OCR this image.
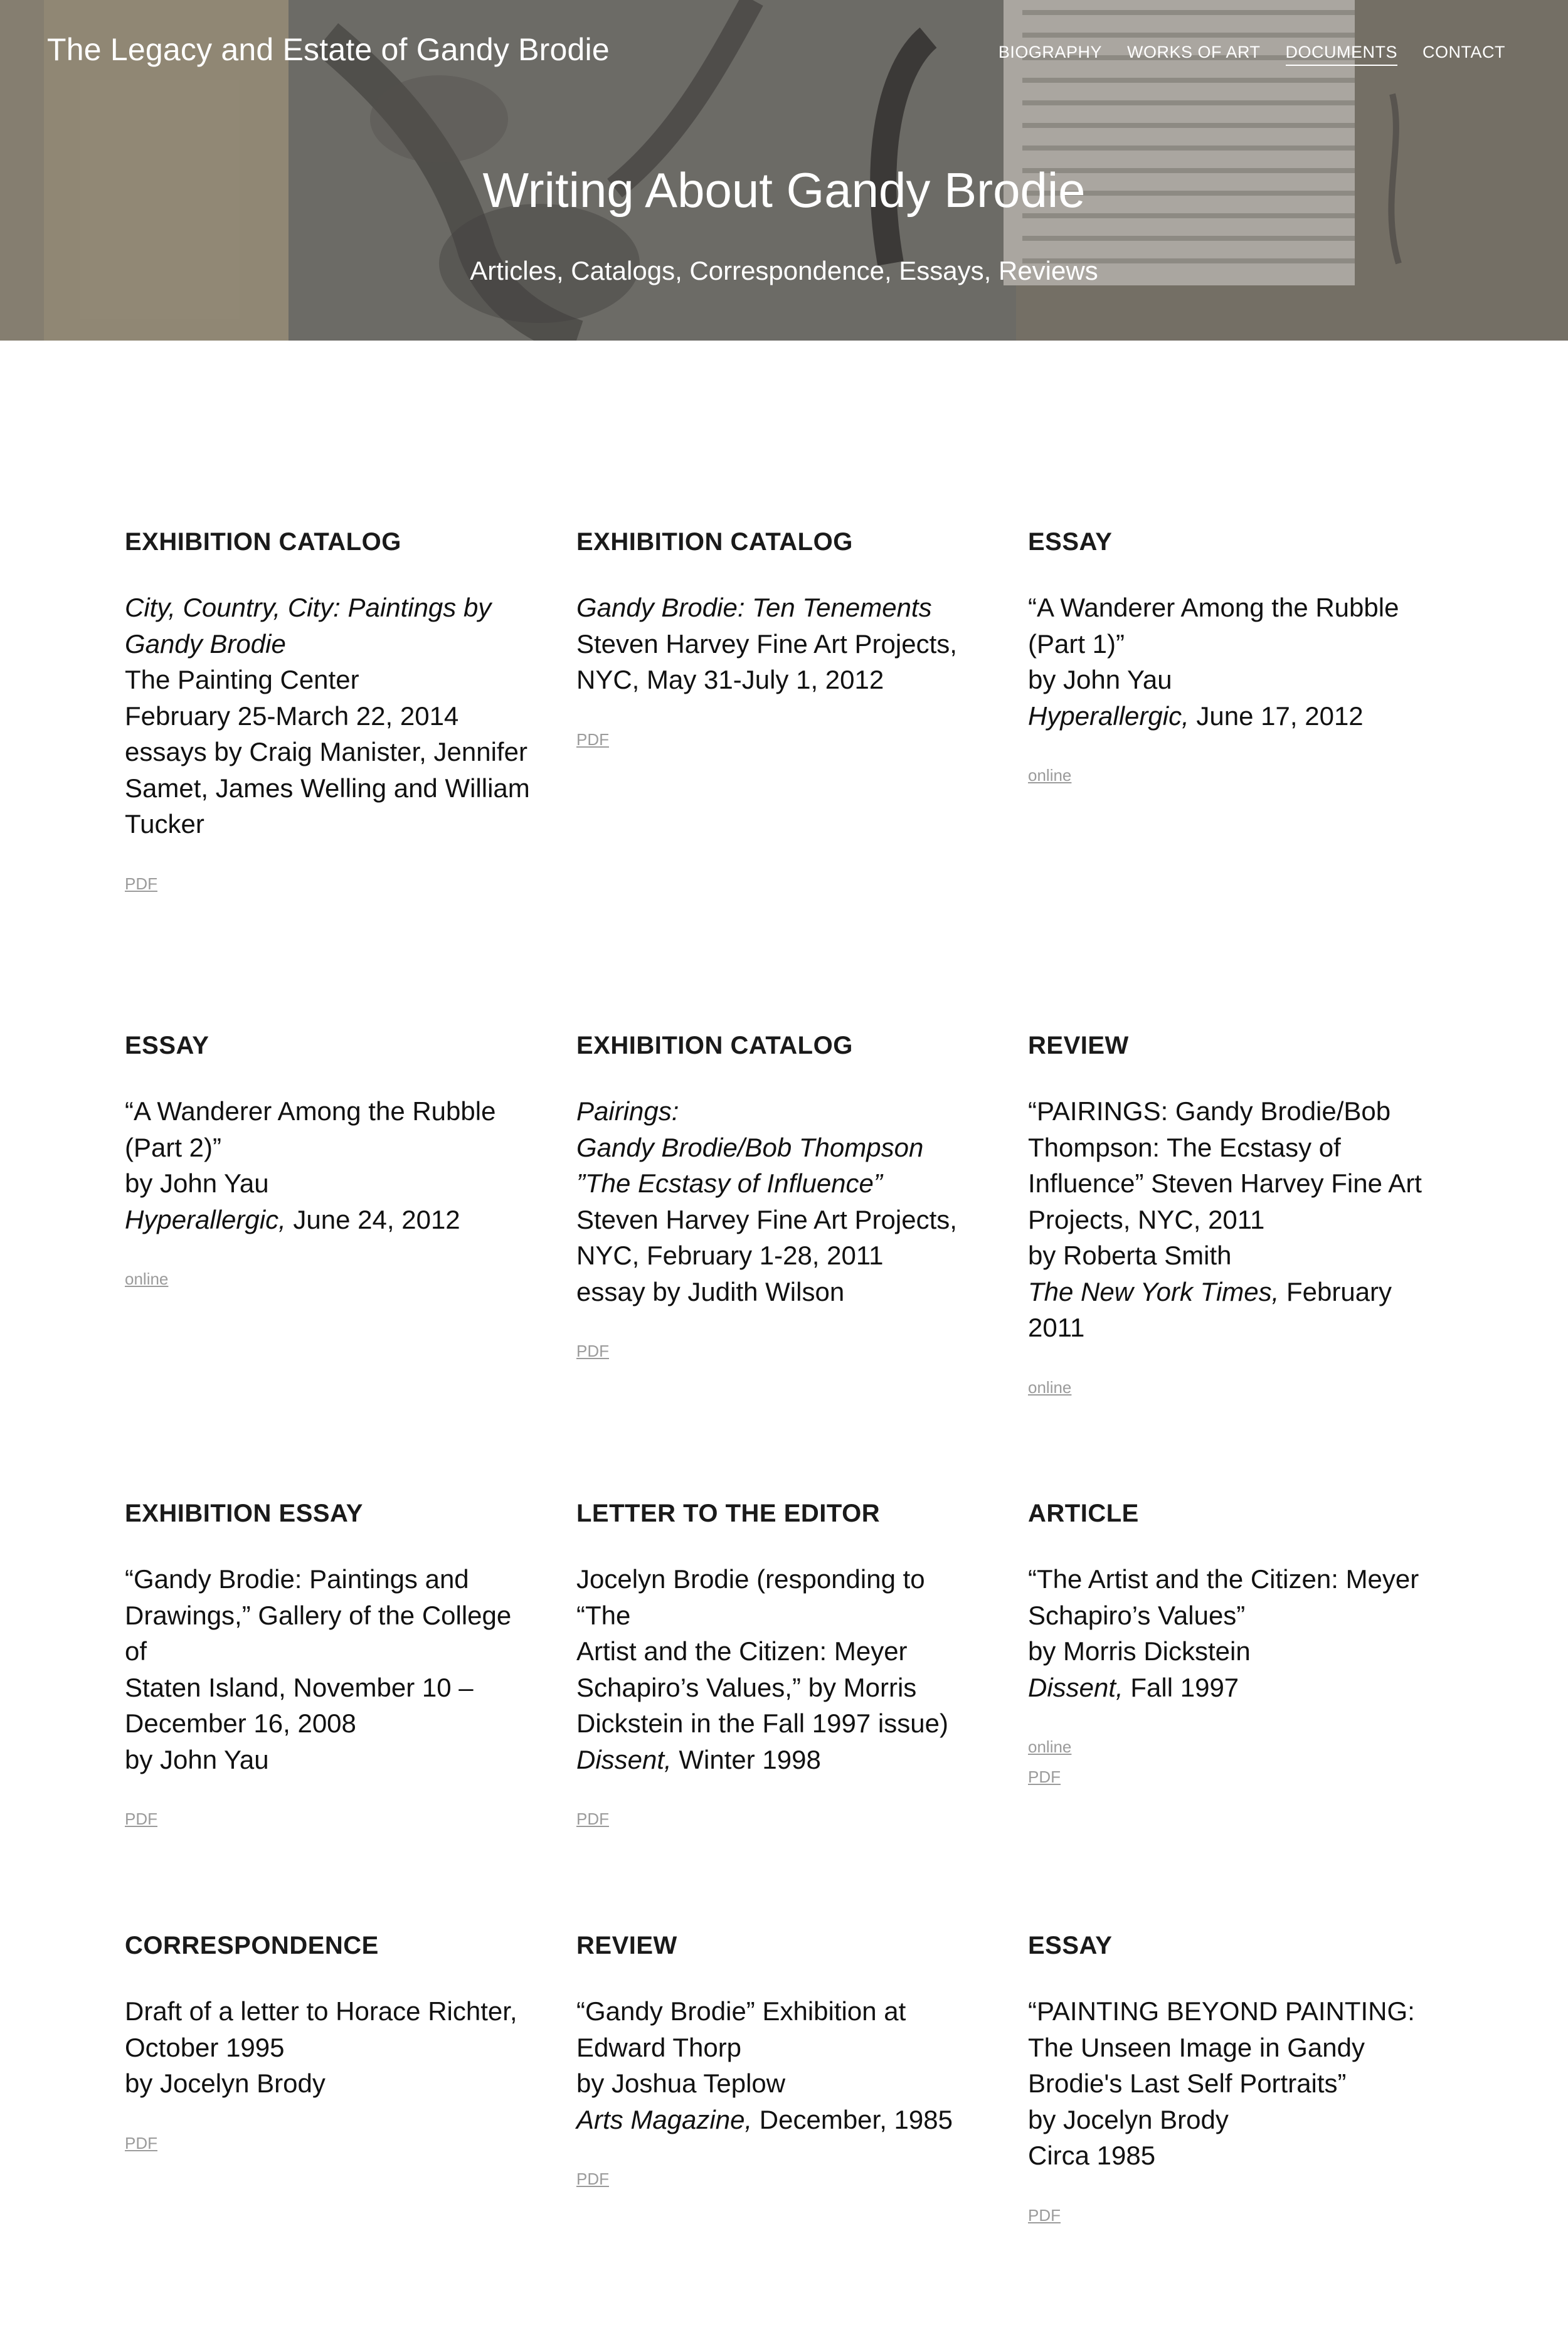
The Legacy and Estate of Gandy Brodie	BIOGRAPHY WORKS OF ART DOCUMENTS CONTACT
Writing About Gandy Brodie

Articles, Catalogs, Correspondence, Essays, Reviews

EXHIBITION CATALOG

City, Country, City: Paintings by
Gandy Brodie
The Painting Center
February 25-March 22, 2014
essays by Craig Manister, Jennifer
Samet, James Welling and William
Tucker

PDF
EXHIBITION CATALOG

Gandy Brodie: Ten Tenements
Steven Harvey Fine Art Projects,
NYC, May 31-July 1, 2012

PDF
ESSAY

“A Wanderer Among the Rubble
(Part 1)”
by John Yau
Hyperallergic, June 17, 2012

online
ESSAY

“A Wanderer Among the Rubble
(Part 2)”
by John Yau
Hyperallergic, June 24, 2012

online
EXHIBITION CATALOG

Pairings:
Gandy Brodie/Bob Thompson
”The Ecstasy of Influence”
Steven Harvey Fine Art Projects,
NYC, February 1-28, 2011
essay by Judith Wilson

PDF
REVIEW

“PAIRINGS: Gandy Brodie/Bob
Thompson: The Ecstasy of
Influence” Steven Harvey Fine Art
Projects, NYC, 2011
by Roberta Smith
The New York Times, February 2011

online
EXHIBITION ESSAY

“Gandy Brodie: Paintings and
Drawings,” Gallery of the College of
Staten Island, November 10 –
December 16, 2008
by John Yau

PDF
LETTER TO THE EDITOR

Jocelyn Brodie (responding to “The
Artist and the Citizen: Meyer
Schapiro’s Values,” by Morris
Dickstein in the Fall 1997 issue)
Dissent, Winter 1998

PDF
ARTICLE

“The Artist and the Citizen: Meyer
Schapiro’s Values”
by Morris Dickstein
Dissent, Fall 1997

online
PDF
CORRESPONDENCE

Draft of a letter to Horace Richter,
October 1995
by Jocelyn Brody

PDF
REVIEW

“Gandy Brodie” Exhibition at
Edward Thorp
by Joshua Teplow
Arts Magazine, December, 1985

PDF
ESSAY

“PAINTING BEYOND PAINTING:
The Unseen Image in Gandy
Brodie's Last Self Portraits”
by Jocelyn Brody
Circa 1985

PDF
